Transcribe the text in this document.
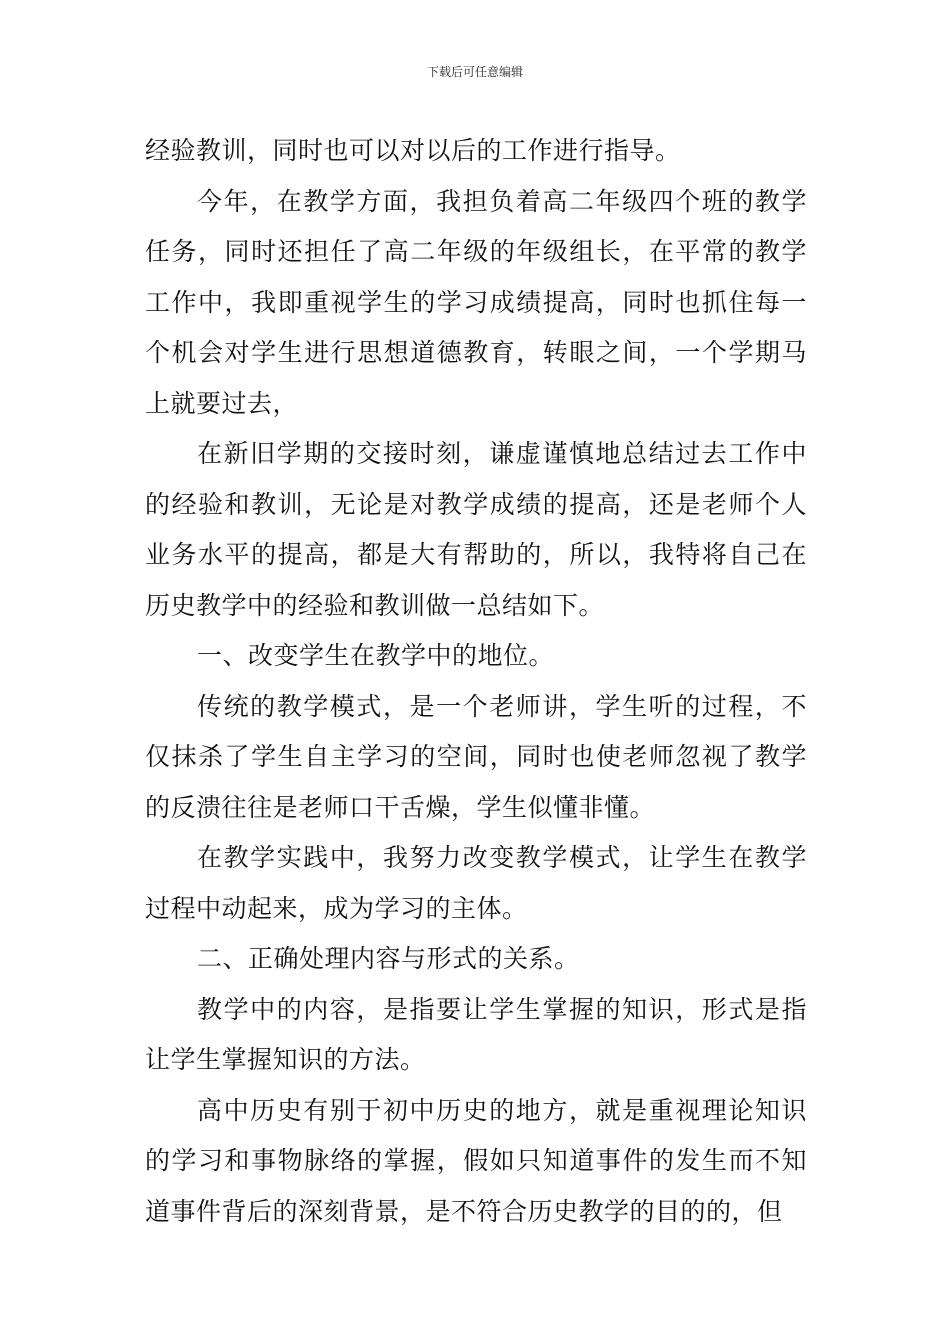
下载后可任意编辑

经验教训，同时也可以对以后的工作进行指导。

今年，在教学方面，我担负着高二年级四个班的教学任务，同时还担任了高二年级的年级组长，在平常的教学工作中，我即重视学生的学习成绩提高，同时也抓住每一个机会对学生进行思想道德教育，转眼之间，一个学期马上就要过去，

在新旧学期的交接时刻，谦虚谨慎地总结过去工作中的经验和教训，无论是对教学成绩的提高，还是老师个人业务水平的提高，都是大有帮助的，所以，我特将自己在历史教学中的经验和教训做一总结如下。

一、改变学生在教学中的地位。

传统的教学模式，是一个老师讲，学生听的过程，不仅抹杀了学生自主学习的空间，同时也使老师忽视了教学的反溃往往是老师口干舌燥，学生似懂非懂。

在教学实践中，我努力改变教学模式，让学生在教学过程中动起来，成为学习的主体。

二、正确处理内容与形式的关系。

教学中的内容，是指要让学生掌握的知识，形式是指让学生掌握知识的方法。

高中历史有别于初中历史的地方，就是重视理论知识的学习和事物脉络的掌握，假如只知道事件的发生而不知道事件背后的深刻背景，是不符合历史教学的目的的，但
